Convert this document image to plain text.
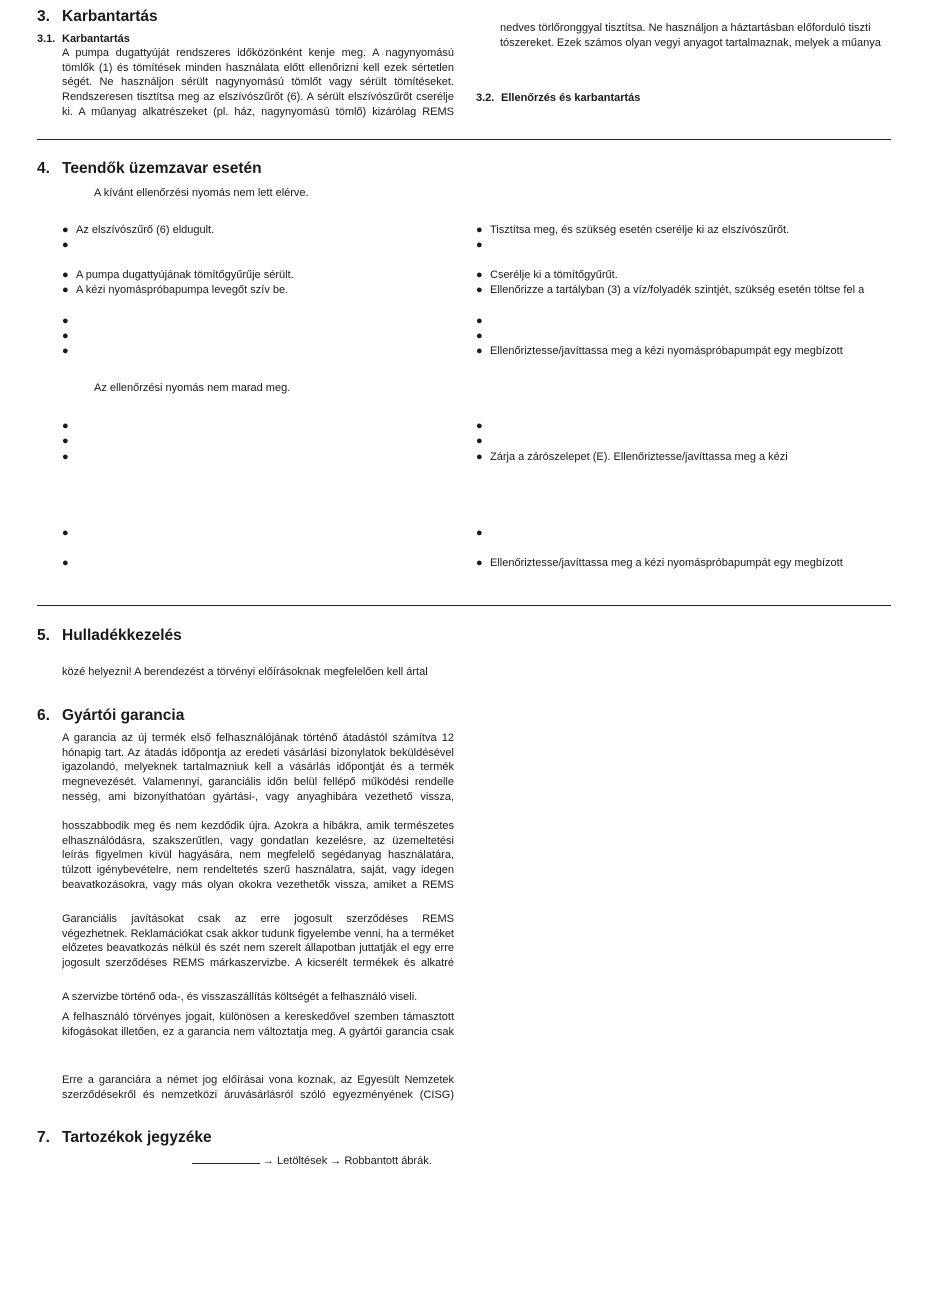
3. Karbantartás
3.1. Karbantartás
A pumpa dugattyúját rendszeres időközönként kenje meg. A nagynyomású
tömlők (1) és tömítések minden használata előtt ellenőrizni kell ezek sértetlen
ségét. Ne használjon sérült nagynyomású tömlőt vagy sérült tömítéseket.
Rendszeresen tisztítsa meg az elszívószűrőt (6). A sérült elszívószűrőt cserélje
ki. A műanyag alkatrészeket (pl. ház, nagynyomású tömlő) kizárólag REMS
nedves törlőronggyal tisztítsa. Ne használjon a háztartásban előforduló tiszti
tószereket. Ezek számos olyan vegyi anyagot tartalmaznak, melyek a műanya
3.2. Ellenőrzés és karbantartás
4. Teendők üzemzavar esetén
A kívánt ellenőrzési nyomás nem lett elérve.
Az ellenőrzési nyomás nem marad meg.
● Az elszívószűrő (6) eldugult.
●
● A pumpa dugattyújának tömítőgyűrűje sérült.
● A kézi nyomáspróbapumpa levegőt szív be.
●
●
●
●
●
●
●
●
● Tisztítsa meg, és szükség esetén cserélje ki az elszívószűrőt.
●
● Cserélje ki a tömítőgyűrűt.
● Ellenőrizze a tartályban (3) a víz/folyadék szintjét, szükség esetén töltse fel a
●
●
● Ellenőriztesse/javíttassa meg a kézi nyomáspróbapumpát egy megbízott
●
●
● Zárja a zárószelepet (E). Ellenőriztesse/javíttassa meg a kézi
●
● Ellenőriztesse/javíttassa meg a kézi nyomáspróbapumpát egy megbízott
5. Hulladékkezelés
közé helyezni! A berendezést a törvényi előírásoknak megfelelően kell ártal
6. Gyártói garancia
A garancia az új termék első felhasználójának történő átadástól számítva 12
hónapig tart. Az átadás időpontja az eredeti vásárlási bizonylatok beküldésével
igazolandó, melyeknek tartalmazniuk kell a vásárlás időpontját és a termék
megnevezését. Valamennyi, garanciális időn belül fellépő működési rendelle
nesség, ami bizonyíthatóan gyártási-, vagy anyaghibára vezethető vissza,
hosszabbodik meg és nem kezdődik újra. Azokra a hibákra, amik természetes
elhasználódásra, szakszerűtlen, vagy gondatlan kezelésre, az üzemeltetési
leírás figyelmen kívül hagyására, nem megfelelő segédanyag használatára,
túlzott igénybevételre, nem rendeltetés szerű használatra, saját, vagy idegen
beavatkozásokra, vagy más olyan okokra vezethetők vissza, amiket a REMS
Garanciális javításokat csak az erre jogosult szerződéses REMS
végezhetnek. Reklamációkat csak akkor tudunk figyelembe venni, ha a terméket
előzetes beavatkozás nélkül és szét nem szerelt állapotban juttatják el egy erre
jogosult szerződéses REMS márkaszervizbe. A kicserélt termékek és alkatré
A szervizbe történő oda-, és visszaszállítás költségét a felhasználó viseli.
A felhasználó törvényes jogait, különösen a kereskedővel szemben támasztott
kifogásokat illetően, ez a garancia nem változtatja meg. A gyártói garancia csak
Erre a garanciára a német jog előírásai vona koznak, az Egyesült Nemzetek
szerződésekről és nemzetközi áruvásárlásról szóló egyezményének (CISG)
7. Tartozékok jegyzéke
→ Letöltések → Robbantott ábrák.
